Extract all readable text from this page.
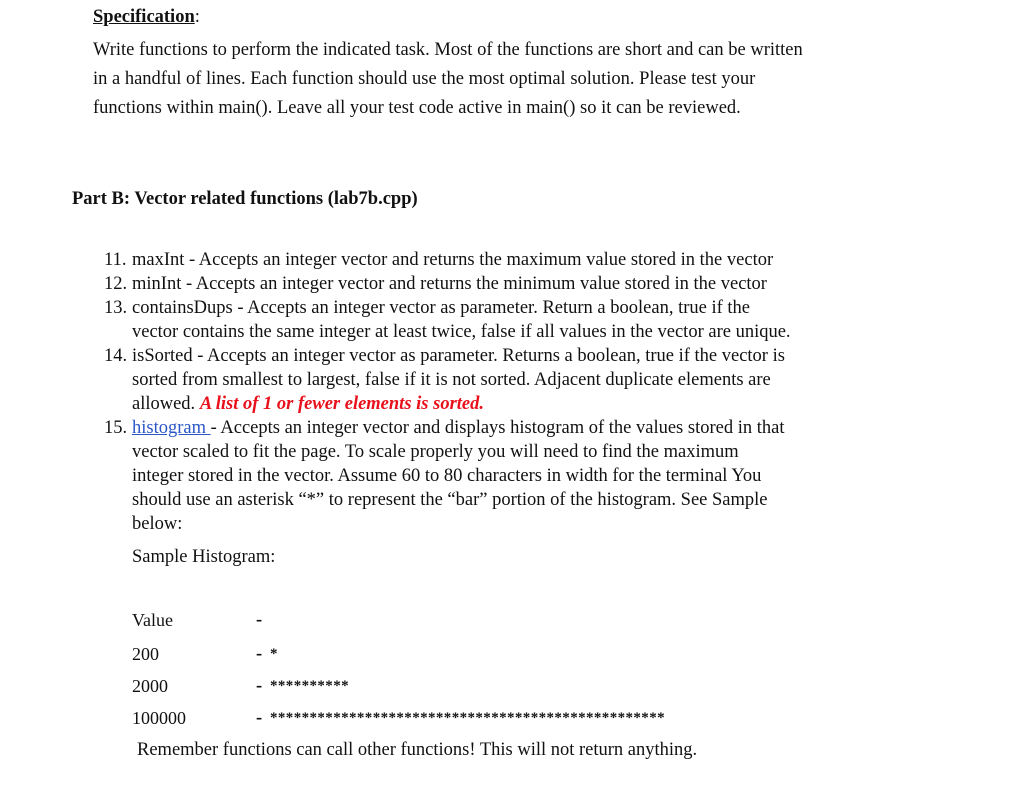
Specification:
Write functions to perform the indicated task. Most of the functions are short and can be written
in a handful of lines. Each function should use the most optimal solution. Please test your
functions within main(). Leave all your test code active in main() so it can be reviewed.
Part B: Vector related functions (lab7b.cpp)
11. maxInt - Accepts an integer vector and returns the maximum value stored in the vector
12. minInt - Accepts an integer vector and returns the minimum value stored in the vector
13. containsDups - Accepts an integer vector as parameter. Return a boolean, true if the
vector contains the same integer at least twice, false if all values in the vector are unique.
14. isSorted - Accepts an integer vector as parameter. Returns a boolean, true if the vector is
sorted from smallest to largest, false if it is not sorted. Adjacent duplicate elements are
allowed. A list of 1 or fewer elements is sorted.
15. histogram - Accepts an integer vector and displays histogram of the values stored in that
vector scaled to fit the page. To scale properly you will need to find the maximum
integer stored in the vector. Assume 60 to 80 characters in width for the terminal You
should use an asterisk “*” to represent the “bar” portion of the histogram. See Sample
below:
Sample Histogram:
Value	-
200	- *
2000	- **********
100000	- **************************************************
Remember functions can call other functions! This will not return anything.
